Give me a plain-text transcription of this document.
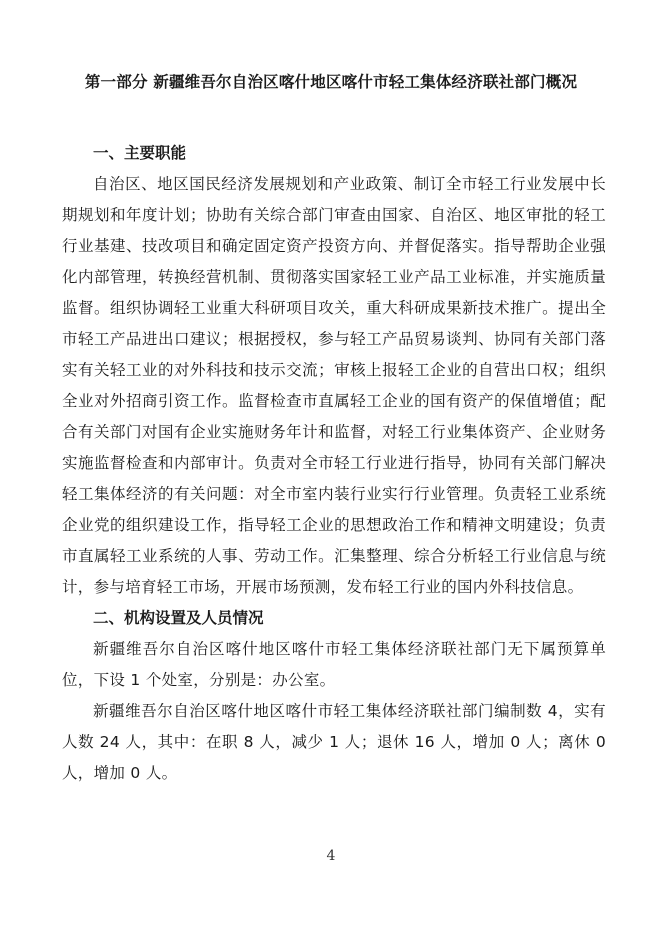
第一部分 新疆维吾尔自治区喀什地区喀什市轻工集体经济联社部门概况

一、主要职能

自治区、地区国民经济发展规划和产业政策、制订全市轻工行业发展中长期规划和年度计划；协助有关综合部门审查由国家、自治区、地区审批的轻工行业基建、技改项目和确定固定资产投资方向、并督促落实。指导帮助企业强化内部管理，转换经营机制、贯彻落实国家轻工业产品工业标准，并实施质量监督。组织协调轻工业重大科研项目攻关，重大科研成果新技术推广。提出全市轻工产品进出口建议；根据授权，参与轻工产品贸易谈判、协同有关部门落实有关轻工业的对外科技和技示交流；审核上报轻工企业的自营出口权；组织全业对外招商引资工作。监督检查市直属轻工企业的国有资产的保值增值；配合有关部门对国有企业实施财务年计和监督，对轻工行业集体资产、企业财务实施监督检查和内部审计。负责对全市轻工行业进行指导，协同有关部门解决轻工集体经济的有关问题：对全市室内装行业实行行业管理。负责轻工业系统企业党的组织建设工作，指导轻工企业的思想政治工作和精神文明建设；负责市直属轻工业系统的人事、劳动工作。汇集整理、综合分析轻工行业信息与统计，参与培育轻工市场，开展市场预测，发布轻工行业的国内外科技信息。

二、机构设置及人员情况

新疆维吾尔自治区喀什地区喀什市轻工集体经济联社部门无下属预算单位，下设 1 个处室，分别是：办公室。

新疆维吾尔自治区喀什地区喀什市轻工集体经济联社部门编制数 4，实有人数 24 人，其中：在职 8 人，减少 1 人；退休 16 人，增加 0 人；离休 0 人，增加 0 人。

4
